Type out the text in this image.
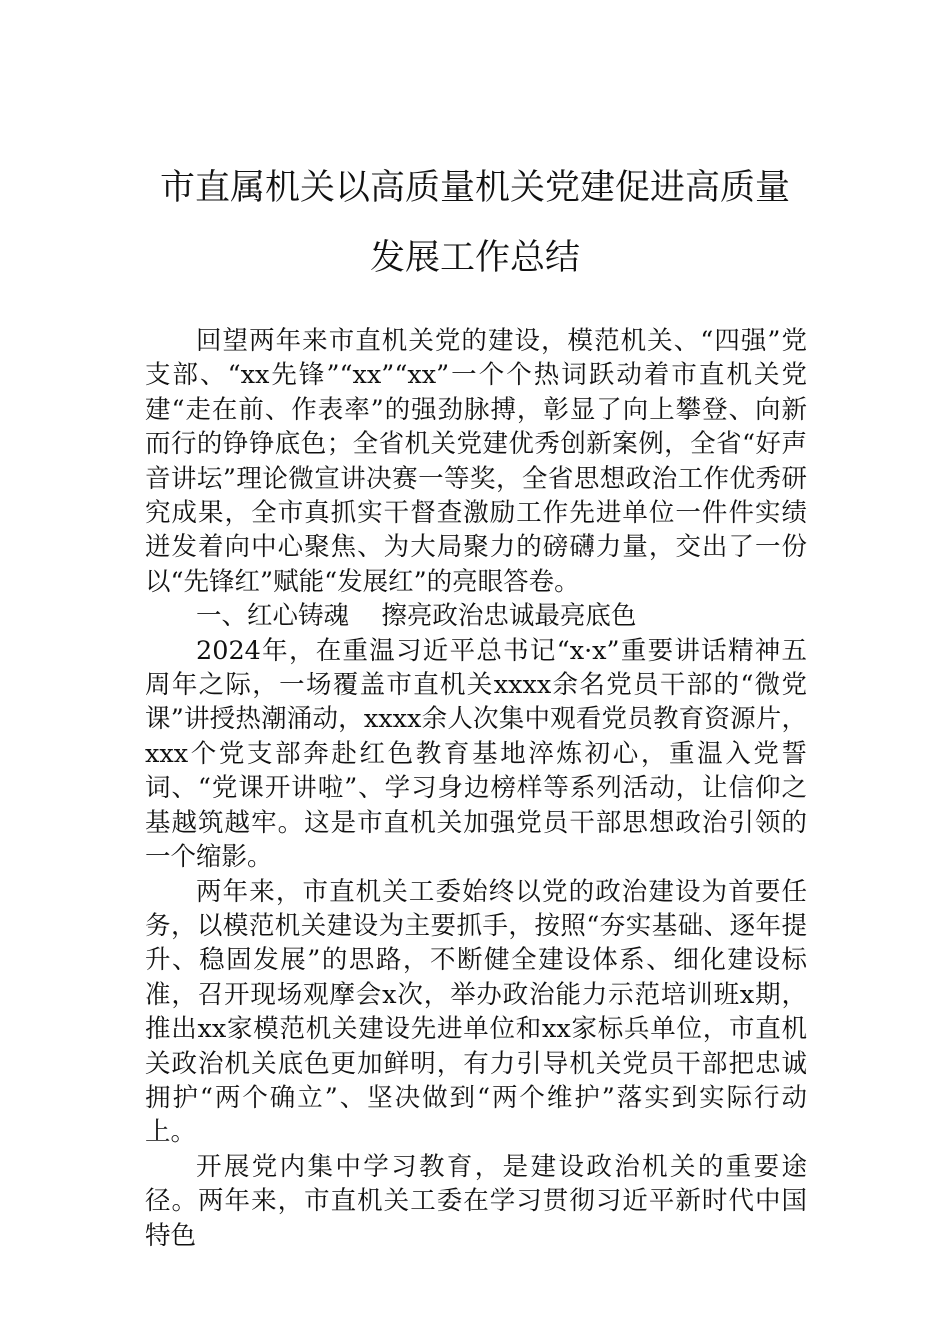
市直属机关以高质量机关党建促进高质量
发展工作总结

回望两年来市直机关党的建设，模范机关、“四强”党支部、“xx先锋”“xx”“xx”一个个热词跃动着市直机关党建“走在前、作表率”的强劲脉搏，彰显了向上攀登、向新而行的铮铮底色；全省机关党建优秀创新案例，全省“好声音讲坛”理论微宣讲决赛一等奖，全省思想政治工作优秀研究成果，全市真抓实干督查激励工作先进单位一件件实绩迸发着向中心聚焦、为大局聚力的磅礴力量，交出了一份以“先锋红”赋能“发展红”的亮眼答卷。

一、红心铸魂    擦亮政治忠诚最亮底色

2024年，在重温习近平总书记“x·x”重要讲话精神五周年之际，一场覆盖市直机关xxxx余名党员干部的“微党课”讲授热潮涌动，xxxx余人次集中观看党员教育资源片，xxx个党支部奔赴红色教育基地淬炼初心，重温入党誓词、“党课开讲啦”、学习身边榜样等系列活动，让信仰之基越筑越牢。这是市直机关加强党员干部思想政治引领的一个缩影。

两年来，市直机关工委始终以党的政治建设为首要任务，以模范机关建设为主要抓手，按照“夯实基础、逐年提升、稳固发展”的思路，不断健全建设体系、细化建设标准，召开现场观摩会x次，举办政治能力示范培训班x期，推出xx家模范机关建设先进单位和xx家标兵单位，市直机关政治机关底色更加鲜明，有力引导机关党员干部把忠诚拥护“两个确立”、坚决做到“两个维护”落实到实际行动上。

开展党内集中学习教育，是建设政治机关的重要途径。两年来，市直机关工委在学习贯彻习近平新时代中国特色
